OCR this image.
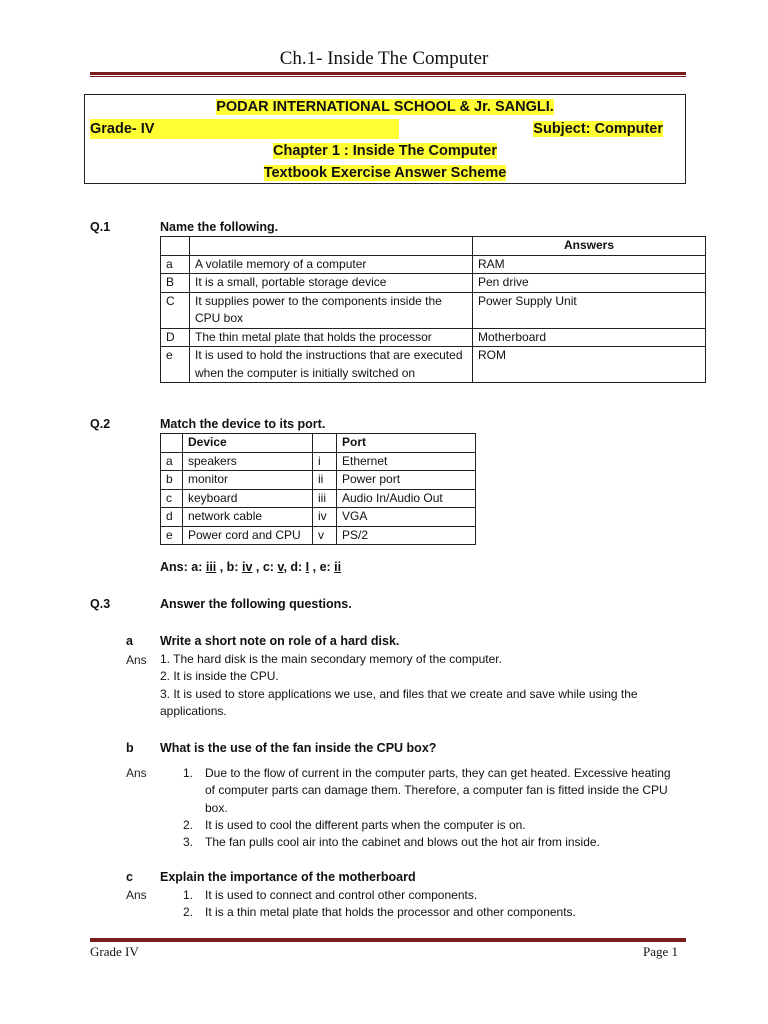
Ch.1- Inside The Computer
PODAR INTERNATIONAL SCHOOL & Jr. SANGLI.
Grade- IV	Subject: Computer
Chapter 1 : Inside The Computer
Textbook Exercise Answer Scheme
Q.1	Name the following.
		Answers
a	A volatile memory of a computer	RAM
B	It is a small, portable storage device	Pen drive
C	It supplies power to the components inside the CPU box	Power Supply Unit
D	The thin metal plate that holds the processor	Motherboard
e	It is used to hold the instructions that are executed when the computer is initially switched on	ROM
Q.2	Match the device to its port.
	Device		Port
a	speakers	i	Ethernet
b	monitor	ii	Power port
c	keyboard	iii	Audio In/Audio Out
d	network cable	iv	VGA
e	Power cord and CPU	v	PS/2
Ans: a: iii , b: iv , c: v, d: I , e: ii
Q.3	Answer the following questions.
a Write a short note on role of a hard disk.
Ans 1. The hard disk is the main secondary memory of the computer.

2. It is inside the CPU.

3. It is used to store applications we use, and files that we create and save while using the

applications.

b What is the use of the fan inside the CPU box?
Ans	1. Due to the flow of current in the computer parts, they can get heated. Excessive heating of computer parts can damage them. Therefore, a computer fan is fitted inside the CPU box.
2. It is used to cool the different parts when the computer is on.
3. The fan pulls cool air into the cabinet and blows out the hot air from inside.
c Explain the importance of the motherboard
Ans	1. It is used to connect and control other components.
2. It is a thin metal plate that holds the processor and other components.
Grade IV	Page 1
